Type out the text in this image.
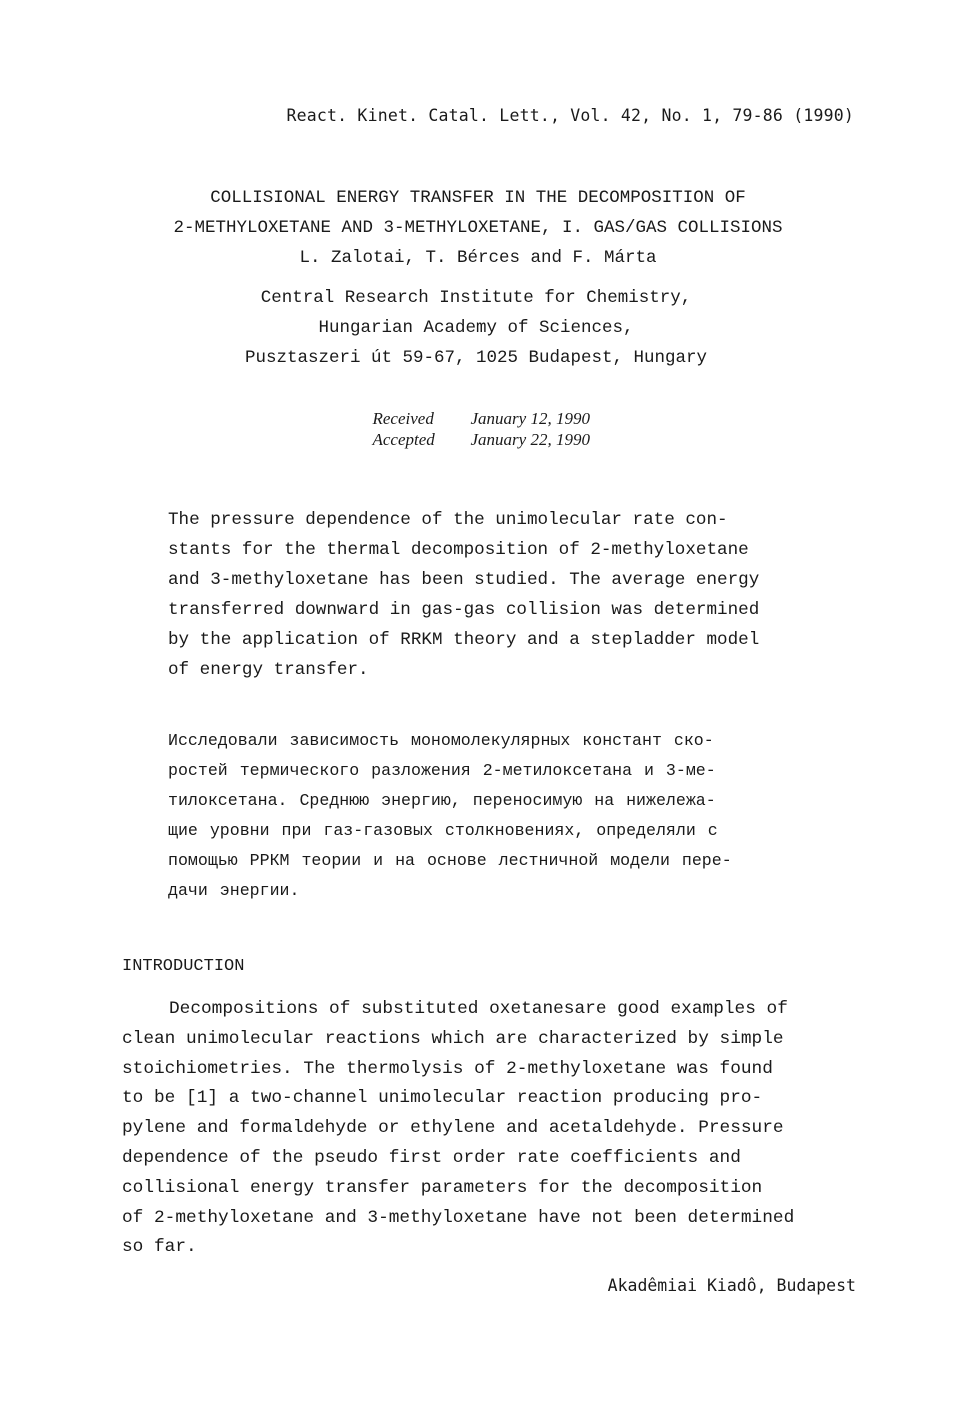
React. Kinet. Catal. Lett., Vol. 42, No. 1, 79-86 (1990)
COLLISIONAL ENERGY TRANSFER IN THE DECOMPOSITION OF
2-METHYLOXETANE AND 3-METHYLOXETANE, I. GAS/GAS COLLISIONS
L. Zalotai, T. Bérces and F. Márta
Central Research Institute for Chemistry,
Hungarian Academy of Sciences,
Pusztaszeri út 59-67, 1025 Budapest, Hungary

Received January 12, 1990

Accepted January 22, 1990

The pressure dependence of the unimolecular rate con-
stants for the thermal decomposition of 2-methyloxetane
and 3-methyloxetane has been studied. The average energy
transferred downward in gas-gas collision was determined
by the application of RRKM theory and a stepladder model
of energy transfer.
Исследовали зависимость мономолекулярных констант ско-
ростей термического разложения 2-метилоксетана и 3-ме-
тилоксетана. Среднюю энергию, переносимую на нижележа-
щие уровни при газ-газовых столкновениях, определяли с
помощью РРКМ теории и на основе лестничной модели пере-
дачи энергии.
INTRODUCTION
Decompositions of substituted oxetanesare good examples of
clean unimolecular reactions which are characterized by simple
stoichiometries. The thermolysis of 2-methyloxetane was found
to be [1] a two-channel unimolecular reaction producing pro-
pylene and formaldehyde or ethylene and acetaldehyde. Pressure
dependence of the pseudo first order rate coefficients and
collisional energy transfer parameters for the decomposition
of 2-methyloxetane and 3-methyloxetane have not been determined
so far.
Akadêmiai Kiadô, Budapest
